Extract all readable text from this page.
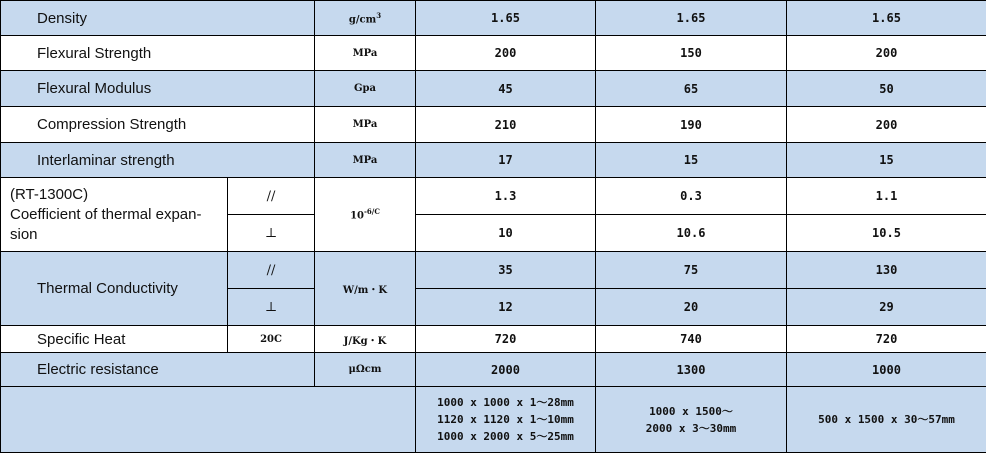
Density		$g/cm^3$	1.65	1.65	1.65
Flexural Strength		MPa	200	150	200
Flexural Modulus		Gpa	45	65	50
Compression Strength		MPa	210	190	200
Interlaminar strength		MPa	17	15	15

(RT-1300C)
Coefficient of thermal expan-
sion	//	$10^{-6/C}$	1.3	0.3	1.1
	⊥		10	10.6	10.5
Thermal Conductivity	//	W/m・K	35	75	130
	⊥		12	20	29
Specific Heat	20C	J/Kg・K	720	740	720
Electric resistance		μΩcm	2000	1300	1000

			1000 x 1000 x 1～28mm
1120 x 1120 x 1～10mm
1000 x 2000 x 5～25mm	1000 x 1500～
2000 x 3～30mm	500 x 1500 x 30～57mm
